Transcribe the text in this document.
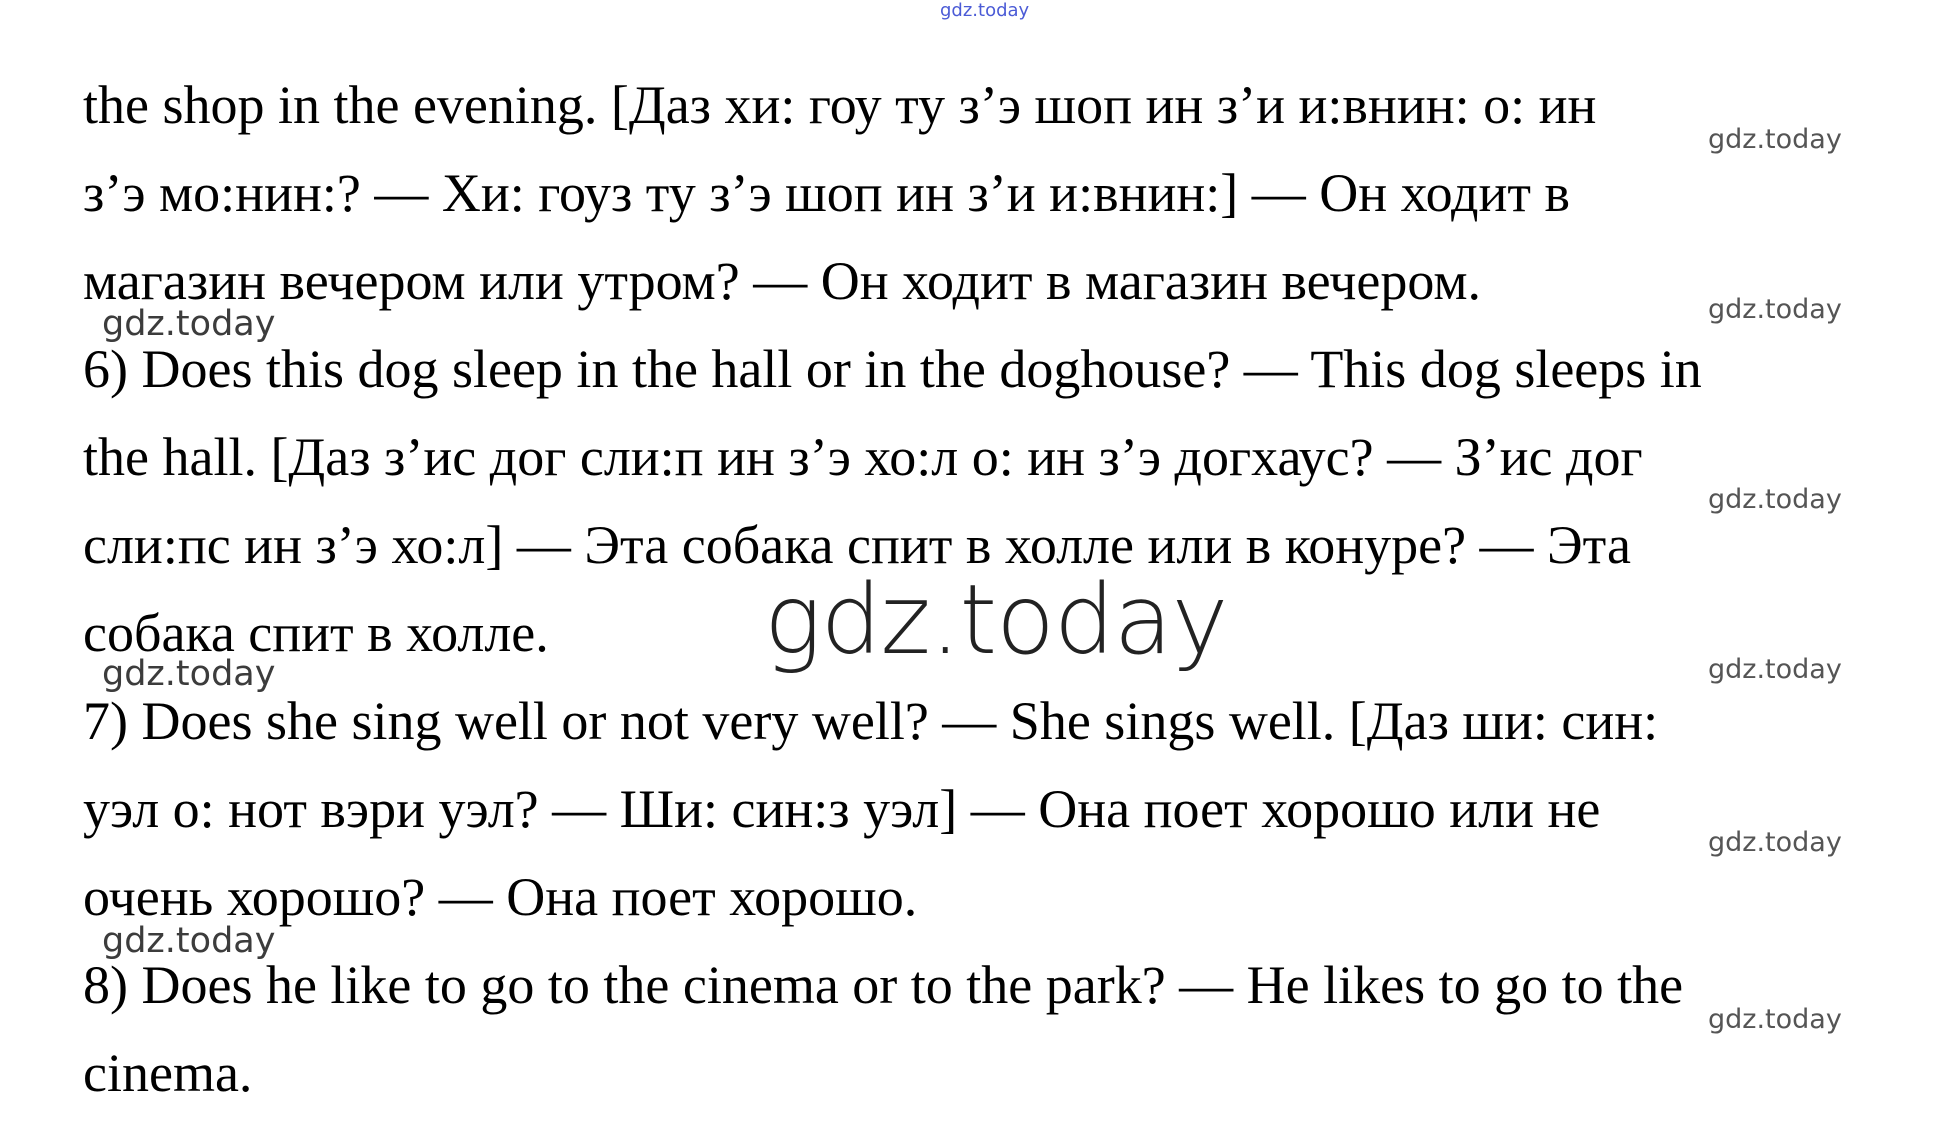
gdz.today
the shop in the evening. [Даз хи: гоу ту з’э шоп ин з’и и:внин: о: ин
з’э мо:нин:? — Хи: гоуз ту з’э шоп ин з’и и:внин:] — Он ходит в
магазин вечером или утром? — Он ходит в магазин вечером.
6) Does this dog sleep in the hall or in the doghouse? — This dog sleeps in
the hall. [Даз з’ис дог сли:п ин з’э хо:л о: ин з’э догхаус? — З’ис дог
сли:пс ин з’э хо:л] — Эта собака спит в холле или в конуре? — Эта
собака спит в холле.
7) Does she sing well or not very well? — She sings well. [Даз ши: син:
уэл о: нот вэри уэл? — Ши: син:з уэл] — Она поет хорошо или не
очень хорошо? — Она поет хорошо.
8) Does he like to go to the cinema or to the park? — He likes to go to the
cinema.
gdz.today
gdz.today
gdz.today
gdz.today
gdz.today
gdz.today
gdz.today
gdz.today
gdz.today
gdz.today
